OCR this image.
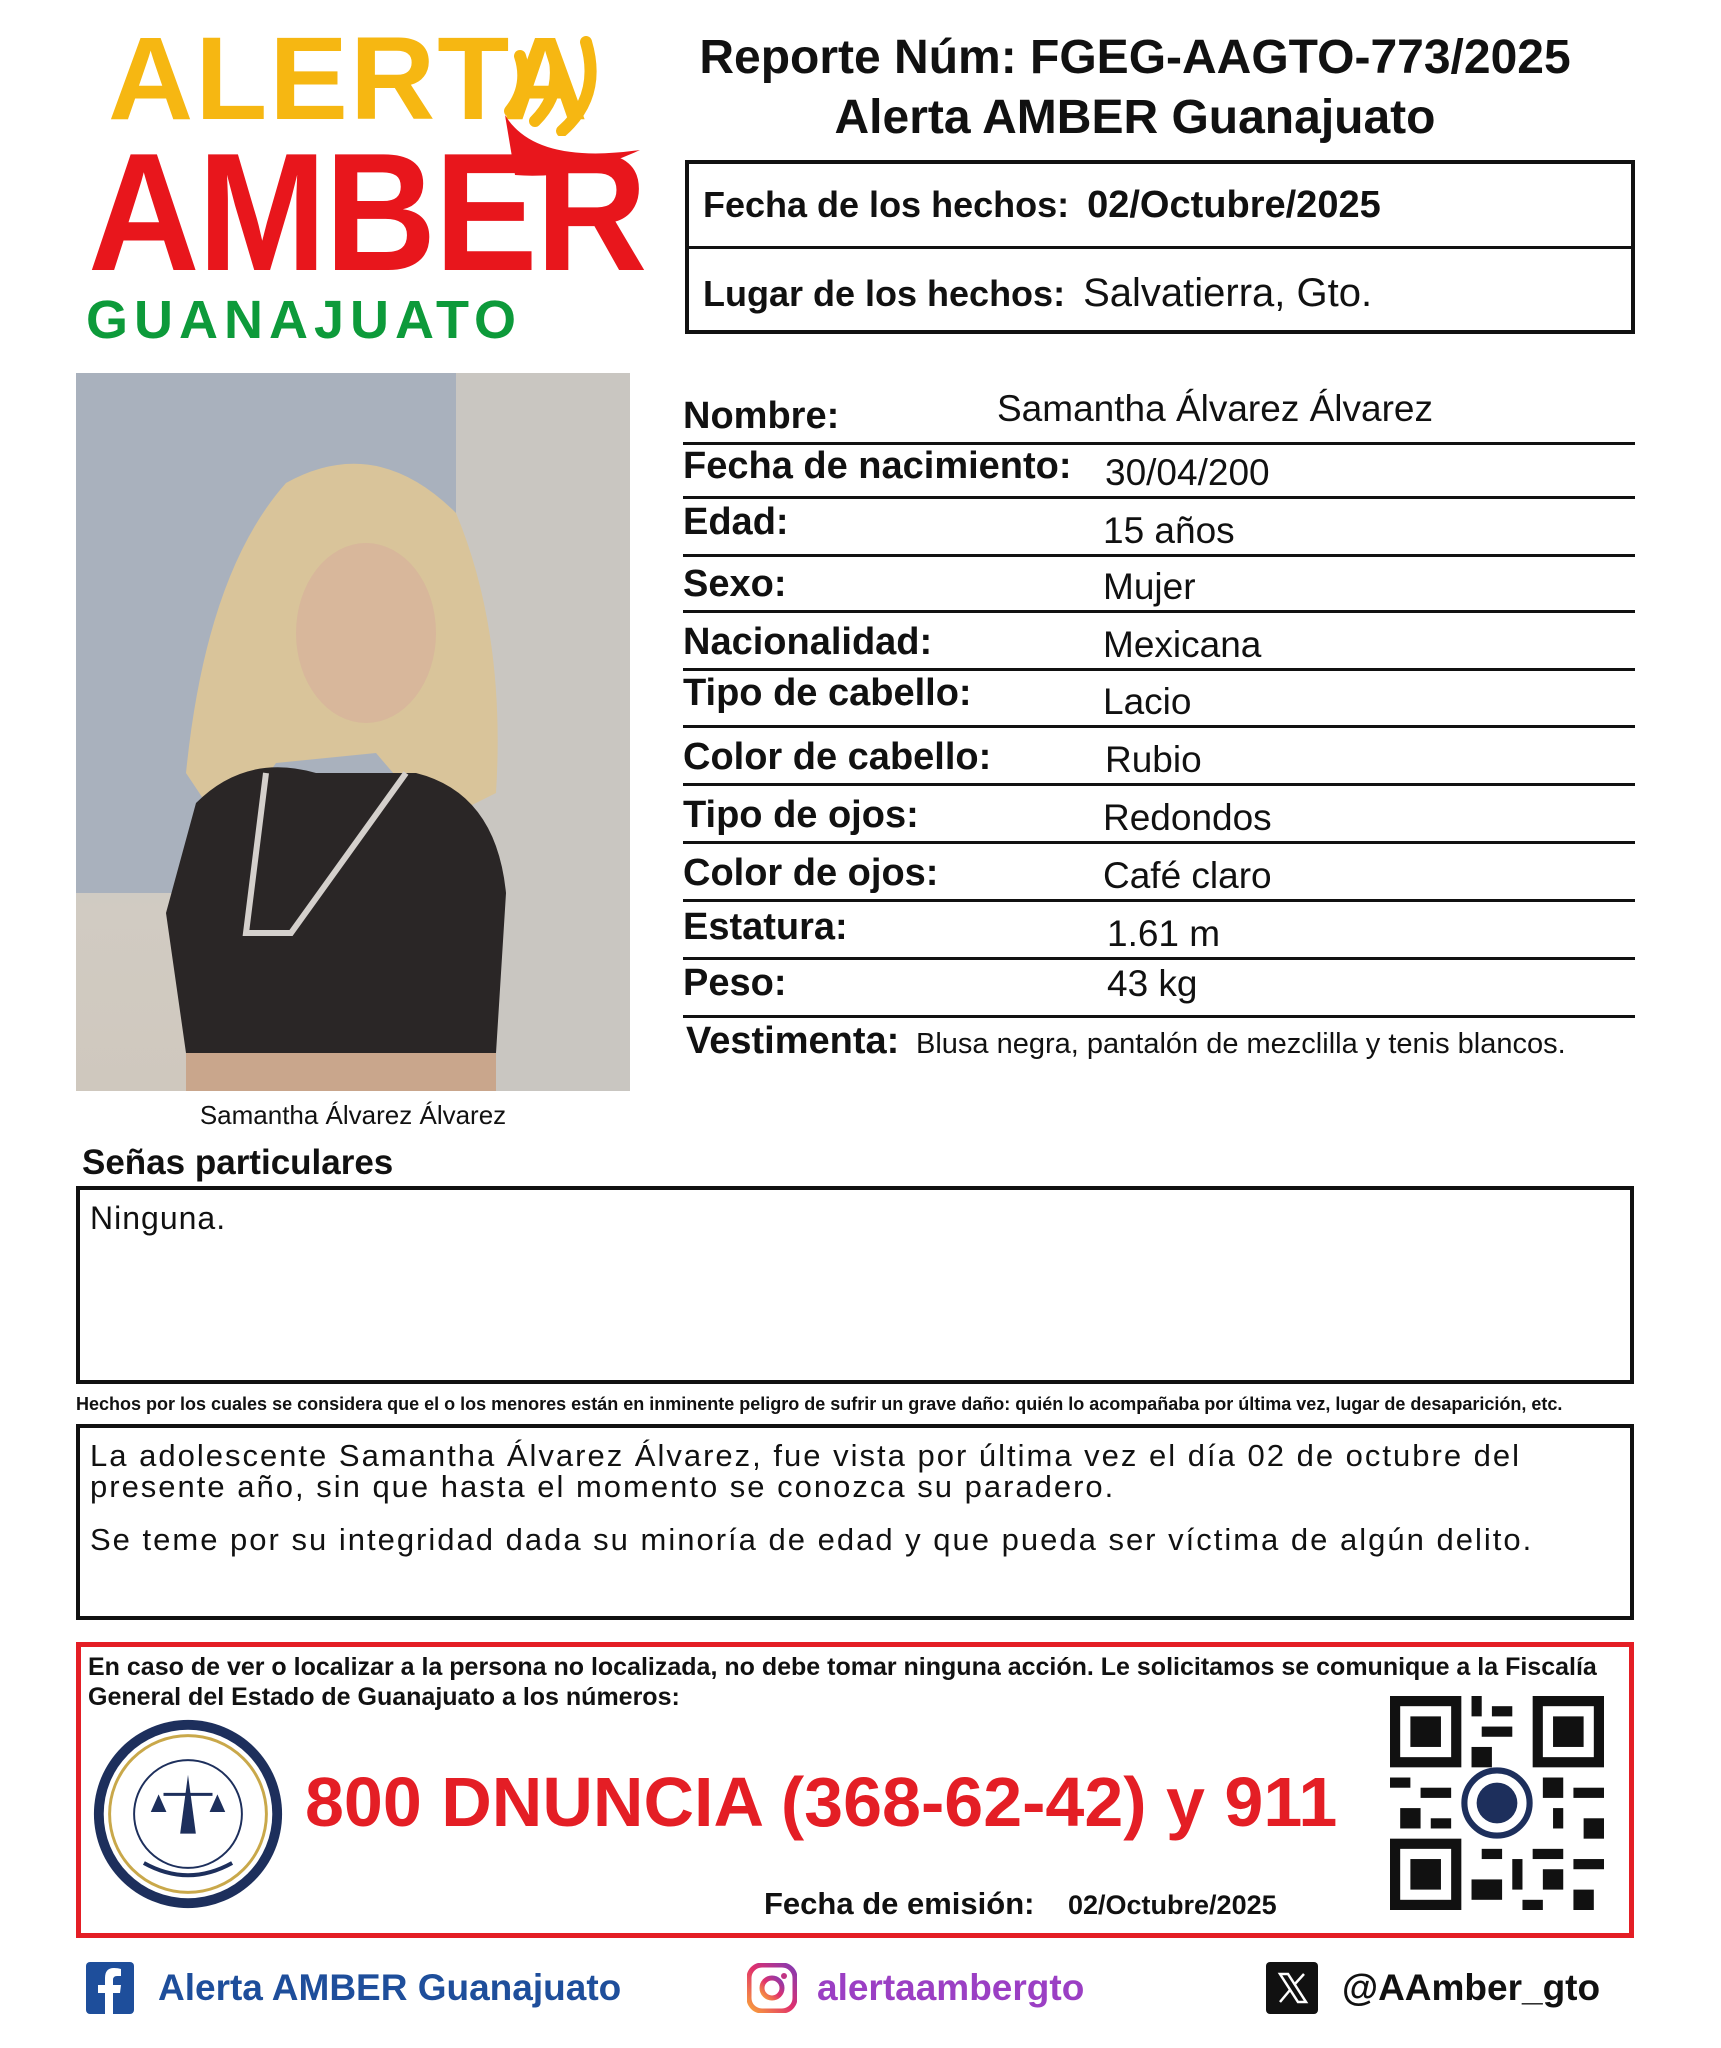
ALERTA
AMBER
GUANAJUATO
Reporte Núm: FGEG-AAGTO-773/2025
Alerta AMBER Guanajuato
Fecha de los hechos: 02/Octubre/2025
Lugar de los hechos: Salvatierra, Gto.
Samantha Álvarez Álvarez
Nombre:	Samantha Álvarez Álvarez
Fecha de nacimiento: 30/04/200
Edad:	15 años
Sexo:	Mujer
Nacionalidad:	Mexicana
Tipo de cabello:	Lacio
Color de cabello:	Rubio
Tipo de ojos:	Redondos
Color de ojos:	Café claro
Estatura:	1.61 m
Peso:	43 kg
Vestimenta: Blusa negra, pantalón de mezclilla y tenis blancos.
Señas particulares
Ninguna.
Hechos por los cuales se considera que el o los menores están en inminente peligro de sufrir un grave daño: quién lo acompañaba por última vez, lugar de desaparición, etc.

La adolescente Samantha Álvarez Álvarez, fue vista por última vez el día 02 de octubre del presente año, sin que hasta el momento se conozca su paradero.

Se teme por su integridad dada su minoría de edad y que pueda ser víctima de algún delito.

En caso de ver o localizar a la persona no localizada, no debe tomar ninguna acción. Le solicitamos se comunique a la Fiscalía General del Estado de Guanajuato a los números:
800 DNUNCIA (368-62-42) y 911
Fecha de emisión: 02/Octubre/2025
Alerta AMBER Guanajuato	alertaambergto	@AAmber_gto
